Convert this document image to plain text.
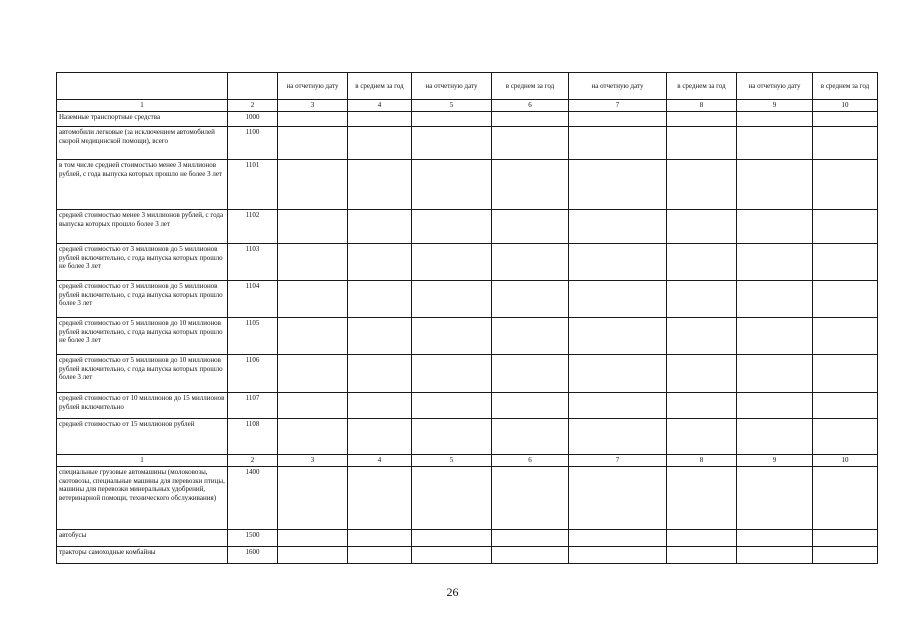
		на отчетную дату	в среднем за год	на отчетную дату	в среднем за год	на отчетную дату	в среднем за год	на отчетную дату	в среднем за год
1	2	3	4	5	6	7	8	9	10
Наземные транспортные средства	1000								
автомобили легковые (за исключением автомобилей скорой медицинской помощи), всего	1100								
в том числе средней стоимостью менее 3 миллионов рублей, с года выпуска которых прошло не более 3 лет	1101								
средней стоимостью менее 3 миллионов рублей, с года выпуска которых прошло более 3 лет	1102								
средней стоимостью от 3 миллионов до 5 миллионов рублей включительно, с года выпуска которых прошло не более 3 лет	1103								
средней стоимостью от 3 миллионов до 5 миллионов рублей включительно, с года выпуска которых прошло более 3 лет	1104								
средней стоимостью от 5 миллионов до 10 миллионов рублей включительно, с года выпуска которых прошло не более 3 лет	1105								
средней стоимостью от 5 миллионов до 10 миллионов рублей включительно, с года выпуска которых прошло более 3 лет	1106								
средней стоимостью от 10 миллионов до 15 миллионов рублей включительно	1107								
средней стоимостью от 15 миллионов рублей	1108								
1	2	3	4	5	6	7	8	9	10
специальные грузовые автомашины (молоковозы, скотовозы, специальные машины для перевозки птицы, машины для перевозки минеральных удобрений, ветеринарной помощи, технического обслуживания)	1400								
автобусы	1500								
тракторы самоходные комбайны	1600								
26
